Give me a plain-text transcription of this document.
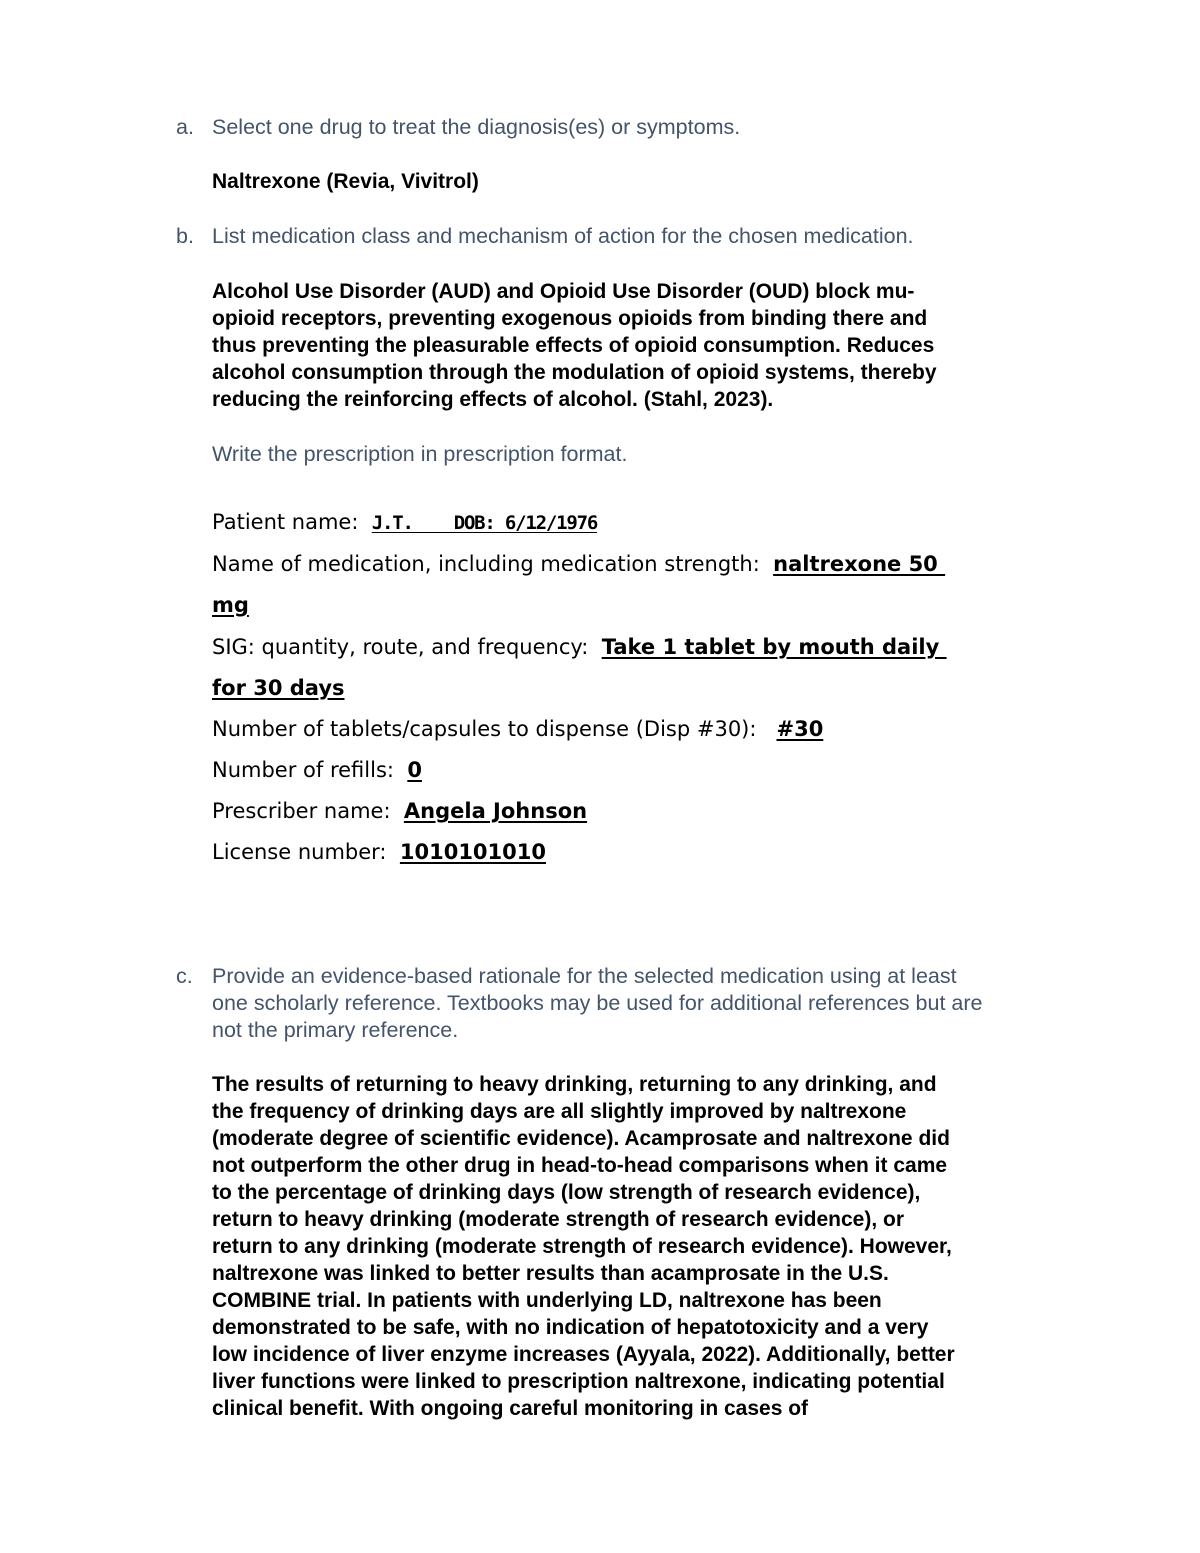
a. Select one drug to treat the diagnosis(es) or symptoms.
Naltrexone (Revia, Vivitrol)
b. List medication class and mechanism of action for the chosen medication.
Alcohol Use Disorder (AUD) and Opioid Use Disorder (OUD) block mu-
opioid receptors, preventing exogenous opioids from binding there and
thus preventing the pleasurable effects of opioid consumption. Reduces
alcohol consumption through the modulation of opioid systems, thereby
reducing the reinforcing effects of alcohol. (Stahl, 2023).
Write the prescription in prescription format.
Patient name: J.T.    DOB: 6/12/1976
Name of medication, including medication strength: naltrexone 50
mg
SIG: quantity, route, and frequency: Take 1 tablet by mouth daily
for 30 days
Number of tablets/capsules to dispense (Disp #30): #30
Number of refills: 0
Prescriber name: Angela Johnson
License number: 1010101010
c. Provide an evidence-based rationale for the selected medication using at least
one scholarly reference. Textbooks may be used for additional references but are
not the primary reference.
The results of returning to heavy drinking, returning to any drinking, and
the frequency of drinking days are all slightly improved by naltrexone
(moderate degree of scientific evidence). Acamprosate and naltrexone did
not outperform the other drug in head-to-head comparisons when it came
to the percentage of drinking days (low strength of research evidence),
return to heavy drinking (moderate strength of research evidence), or
return to any drinking (moderate strength of research evidence). However,
naltrexone was linked to better results than acamprosate in the U.S.
COMBINE trial. In patients with underlying LD, naltrexone has been
demonstrated to be safe, with no indication of hepatotoxicity and a very
low incidence of liver enzyme increases (Ayyala, 2022). Additionally, better
liver functions were linked to prescription naltrexone, indicating potential
clinical benefit. With ongoing careful monitoring in cases of
